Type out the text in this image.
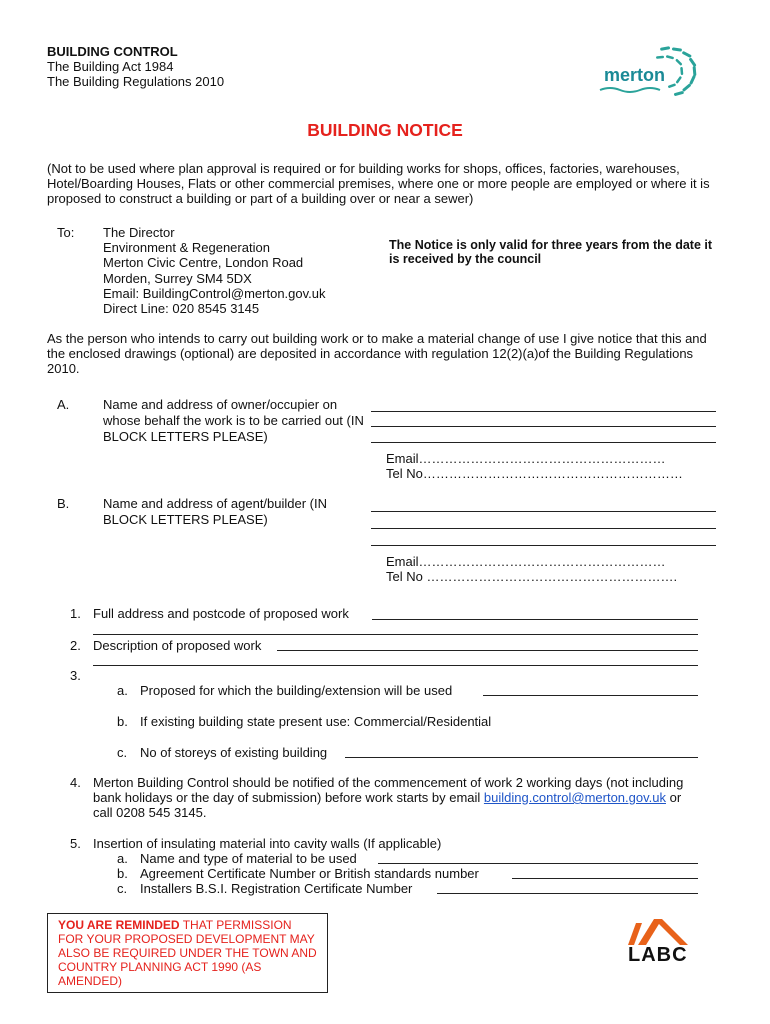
BUILDING CONTROL
The Building Act 1984
The Building Regulations 2010	merton
BUILDING NOTICE
(Not to be used where plan approval is required or for building works for shops, offices, factories, warehouses, Hotel/Boarding Houses, Flats or other commercial premises, where one or more people are employed or where it is proposed to construct a building or part of a building over or near a sewer)
To: The Director
Environment & Regeneration
Merton Civic Centre, London Road
Morden, Surrey SM4 5DX
Email: BuildingControl@merton.gov.uk
Direct Line: 020 8545 3145
The Notice is only valid for three years from the date it is received by the council
As the person who intends to carry out building work or to make a material change of use I give notice that this and the enclosed drawings (optional) are deposited in accordance with regulation 12(2)(a)of the Building Regulations 2010.
A.	Name and address of owner/occupier on whose behalf the work is to be carried out (IN BLOCK LETTERS PLEASE)
Email…………………………………………………
Tel No……………………………………………………
B.	Name and address of agent/builder (IN BLOCK LETTERS PLEASE)
Email…………………………………………………
Tel No ………………………………………………….
1. Full address and postcode of proposed work
2. Description of proposed work
3.
a. Proposed for which the building/extension will be used
b. If existing building state present use: Commercial/Residential
c. No of storeys of existing building
4. Merton Building Control should be notified of the commencement of work 2 working days (not including bank holidays or the day of submission) before work starts by email building.control@merton.gov.uk or call 0208 545 3145.
5. Insertion of insulating material into cavity walls (If applicable)
a. Name and type of material to be used
b. Agreement Certificate Number or British standards number
c. Installers B.S.I. Registration Certificate Number
YOU ARE REMINDED THAT PERMISSION FOR YOUR PROPOSED DEVELOPMENT MAY ALSO BE REQUIRED UNDER THE TOWN AND COUNTRY PLANNING ACT 1990 (AS AMENDED)
LABC
